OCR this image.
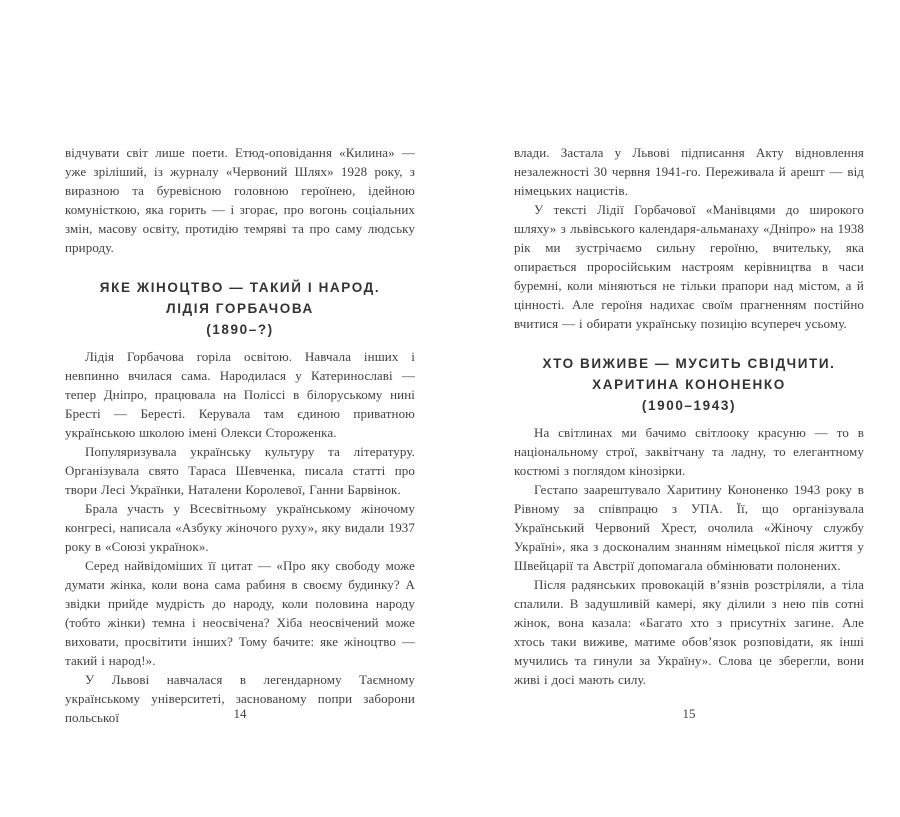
відчувати світ лише поети. Етюд-оповідання «Килина» — уже зріліший, із журналу «Червоний Шлях» 1928 року, з виразною та буревісною головною героїнею, ідейною комуністкою, яка горить — і згорає, про вогонь соціальних змін, масову освіту, протидію темряві та про саму людську природу.

ЯКЕ ЖІНОЦТВО — ТАКИЙ І НАРОД.
ЛІДІЯ ГОРБАЧОВА
(1890–?)

Лідія Горбачова горіла освітою. Навчала інших і невпинно вчилася сама. Народилася у Катеринославі — тепер Дніпро, працювала на Поліссі в білоруському нині Бресті — Бересті. Керувала там єдиною приватною українською школою імені Олекси Стороженка.

Популяризувала українську культуру та літературу. Організувала свято Тараса Шевченка, писала статті про твори Лесі Українки, Наталени Королевої, Ганни Барвінок.

Брала участь у Всесвітньому українському жіночому конгресі, написала «Азбуку жіночого руху», яку видали 1937 року в «Союзі українок».

Серед найвідоміших її цитат — «Про яку свободу може думати жінка, коли вона сама рабиня в своєму будинку? А звідки прийде мудрість до народу, коли половина народу (тобто жінки) темна і неосвічена? Хіба неосвічений може виховати, просвітити інших? Тому бачите: яке жіноцтво — такий і народ!».

У Львові навчалася в легендарному Таємному українському університеті, заснованому попри заборони польської

влади. Застала у Львові підписання Акту відновлення незалежності 30 червня 1941-го. Переживала й арешт — від німецьких нацистів.

У тексті Лідії Горбачової «Манівцями до широкого шляху» з львівського календаря-альманаху «Дніпро» на 1938 рік ми зустрічаємо сильну героїню, вчительку, яка опирається проросійським настроям керівництва в часи буремні, коли міняються не тільки прапори над містом, а й цінності. Але героїня надихає своїм прагненням постійно вчитися — і обирати українську позицію всупереч усьому.

ХТО ВИЖИВЕ — МУСИТЬ СВІДЧИТИ.
ХАРИТИНА КОНОНЕНКО
(1900–1943)

На світлинах ми бачимо світлооку красуню — то в національному строї, заквітчану та ладну, то елегантному костюмі з поглядом кінозірки.

Гестапо заарештувало Харитину Кононенко 1943 року в Рівному за співпрацю з УПА. Її, що організувала Український Червоний Хрест, очолила «Жіночу службу Україні», яка з досконалим знанням німецької після життя у Швейцарії та Австрії допомагала обмінювати полонених.

Після радянських провокацій в’язнів розстріляли, а тіла спалили. В задушливій камері, яку ділили з нею пів сотні жінок, вона казала: «Багато хто з присутніх загине. Але хтось таки виживе, матиме обов’язок розповідати, як інші мучились та гинули за Україну». Слова це зберегли, вони живі і досі мають силу.

14	15
